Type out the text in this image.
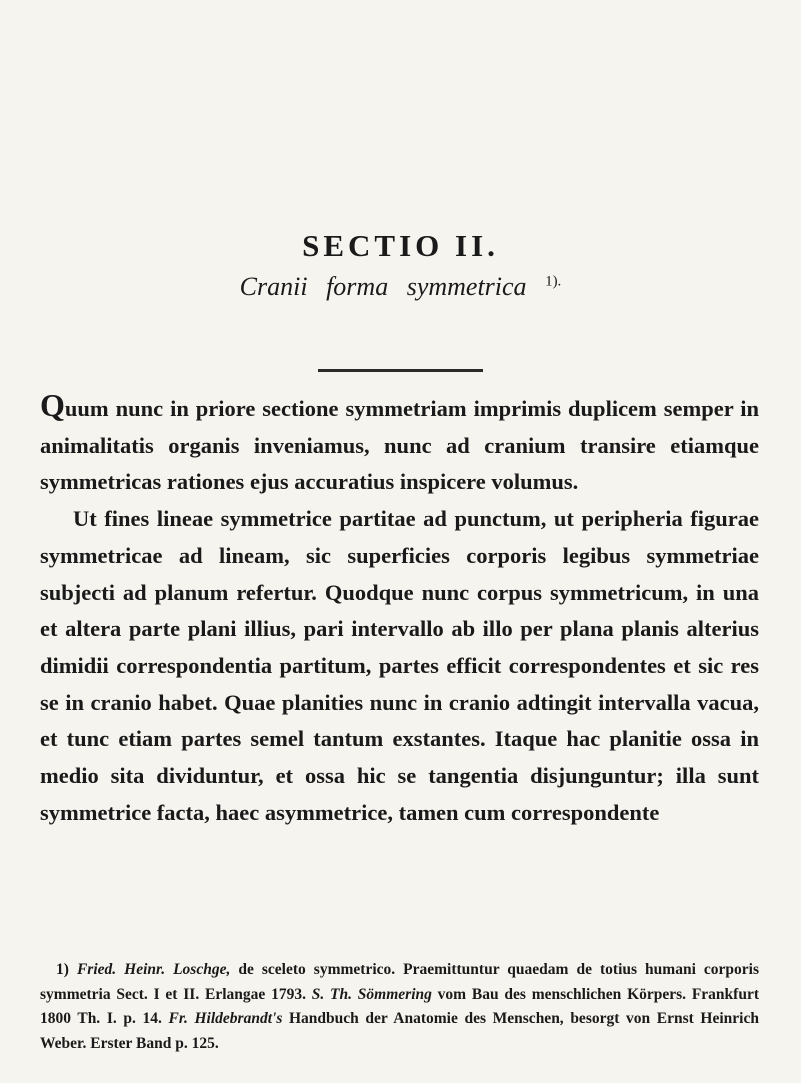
SECTIO II.
Cranii forma symmetrica $^{1).}$

Quum nunc in priore sectione symmetriam imprimis duplicem semper in animalitatis organis inveniamus, nunc ad cranium transire etiamque symmetricas rationes ejus accuratius inspicere volumus.

Ut fines lineae symmetrice partitae ad punctum, ut peripheria figurae symmetricae ad lineam, sic superficies corporis legibus symmetriae subjecti ad planum refertur. Quodque nunc corpus symmetricum, in una et altera parte plani illius, pari intervallo ab illo per plana planis alterius dimidii correspondentia partitum, partes efficit correspondentes et sic res se in cranio habet. Quae planities nunc in cranio adtingit intervalla vacua, et tunc etiam partes semel tantum exstantes. Itaque hac planitie ossa in medio sita dividuntur, et ossa hic se tangentia disjunguntur; illa sunt symmetrice facta, haec asymmetrice, tamen cum correspondente

1) Fried. Heinr. Loschge, de sceleto symmetrico. Praemittuntur quaedam de totius humani corporis symmetria Sect. I et II. Erlangae 1793. S. Th. Sömmering vom Bau des menschlichen Körpers. Frankfurt 1800 Th. I. p. 14. Fr. Hildebrandt's Handbuch der Anatomie des Menschen, besorgt von Ernst Heinrich Weber. Erster Band p. 125.
